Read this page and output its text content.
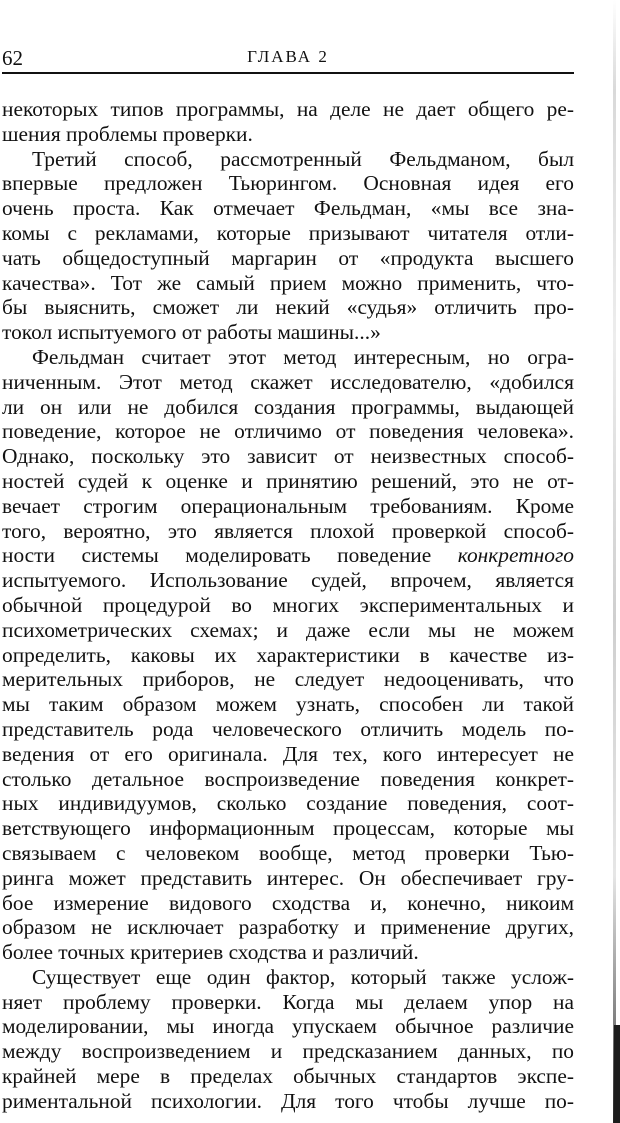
62	ГЛАВА 2
некоторых типов программы, на деле не дает общего ре-
шения проблемы проверки.
Третий способ, рассмотренный Фельдманом, был
впервые предложен Тьюрингом. Основная идея его
очень проста. Как отмечает Фельдман, «мы все зна-
комы с рекламами, которые призывают читателя отли-
чать общедоступный маргарин от «продукта высшего
качества». Тот же самый прием можно применить, что-
бы выяснить, сможет ли некий «судья» отличить про-
токол испытуемого от работы машины...»
Фельдман считает этот метод интересным, но огра-
ниченным. Этот метод скажет исследователю, «добился
ли он или не добился создания программы, выдающей
поведение, которое не отличимо от поведения человека».
Однако, поскольку это зависит от неизвестных способ-
ностей судей к оценке и принятию решений, это не от-
вечает строгим операциональным требованиям. Кроме
того, вероятно, это является плохой проверкой способ-
ности системы моделировать поведение конкретного
испытуемого. Использование судей, впрочем, является
обычной процедурой во многих экспериментальных и
психометрических схемах; и даже если мы не можем
определить, каковы их характеристики в качестве из-
мерительных приборов, не следует недооценивать, что
мы таким образом можем узнать, способен ли такой
представитель рода человеческого отличить модель по-
ведения от его оригинала. Для тех, кого интересует не
столько детальное воспроизведение поведения конкрет-
ных индивидуумов, сколько создание поведения, соот-
ветствующего информационным процессам, которые мы
связываем с человеком вообще, метод проверки Тью-
ринга может представить интерес. Он обеспечивает гру-
бое измерение видового сходства и, конечно, никоим
образом не исключает разработку и применение других,
более точных критериев сходства и различий.
Существует еще один фактор, который также услож-
няет проблему проверки. Когда мы делаем упор на
моделировании, мы иногда упускаем обычное различие
между воспроизведением и предсказанием данных, по
крайней мере в пределах обычных стандартов экспе-
риментальной психологии. Для того чтобы лучше по-
